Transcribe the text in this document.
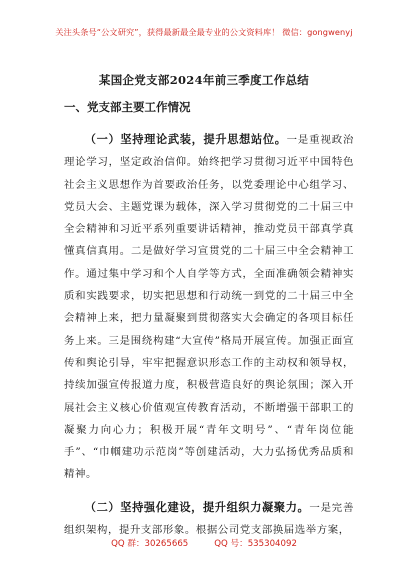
关注头条号“公文研究”，获得最新最全最专业的公文资料库！ 微信：gongwenyj
某国企党支部2024年前三季度工作总结
一、党支部主要工作情况

（一）坚持理论武装，提升思想站位。一是重视政治理论学习，坚定政治信仰。始终把学习贯彻习近平中国特色社会主义思想作为首要政治任务，以党委理论中心组学习、党员大会、主题党课为载体，深入学习贯彻党的二十届三中全会精神和习近平系列重要讲话精神，推动党员干部真学真懂真信真用。二是做好学习宣贯党的二十届三中全会精神工作。通过集中学习和个人自学等方式，全面准确领会精神实质和实践要求，切实把思想和行动统一到党的二十届三中全会精神上来，把力量凝聚到贯彻落实大会确定的各项目标任务上来。三是围绕构建“大宣传”格局开展宣传。加强正面宣传和舆论引导，牢牢把握意识形态工作的主动权和领导权，持续加强宣传报道力度，积极营造良好的舆论氛围；深入开展社会主义核心价值观宣传教育活动，不断增强干部职工的凝聚力向心力；积极开展“青年文明号”、“青年岗位能手”、“巾帼建功示范岗”等创建活动，大力弘扬优秀品质和精神。

（二）坚持强化建设，提升组织力凝聚力。一是完善组织架构，提升支部形象。根据公司党支部换届选举方案，

QQ 群：30265665	QQ 号：535304092
